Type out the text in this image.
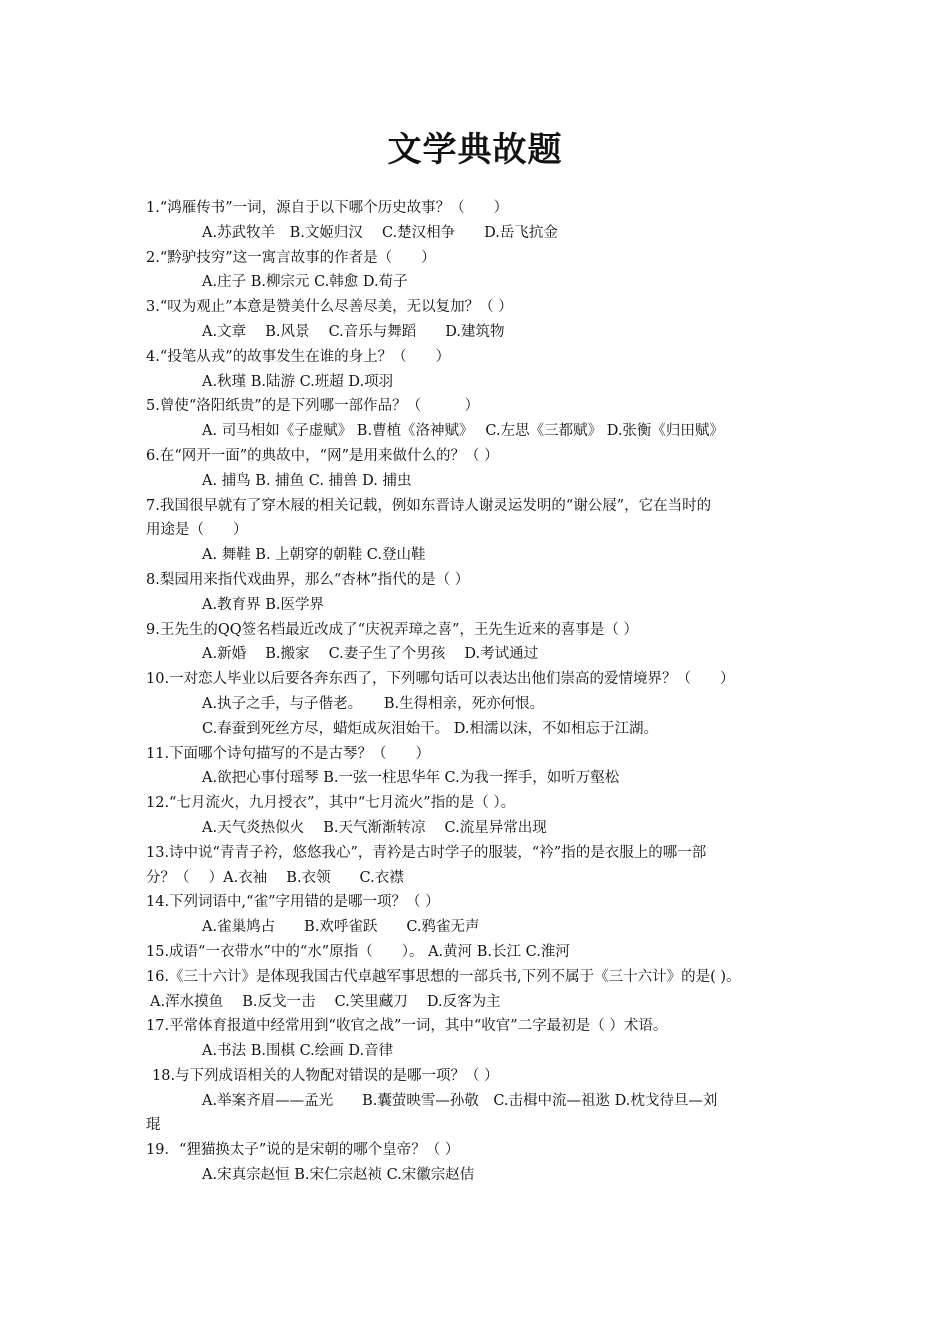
文学典故题
1.“鸿雁传书”一词，源自于以下哪个历史故事？（　　）
A.苏武牧羊　B.文姬归汉　 C.楚汉相争　　D.岳飞抗金
2.“黔驴技穷”这一寓言故事的作者是（　　）
A.庄子 B.柳宗元 C.韩愈 D.荀子
3.“叹为观止”本意是赞美什么尽善尽美，无以复加？（ ）
A.文章　 B.风景　 C.音乐与舞蹈　　D.建筑物
4.“投笔从戎”的故事发生在谁的身上？（　　）
A.秋瑾 B.陆游 C.班超 D.项羽
5.曾使“洛阳纸贵”的是下列哪一部作品？（　　　）
A. 司马相如《子虚赋》 B.曹植《洛神赋》　 C.左思《三都赋》 D.张衡《归田赋》
6.在“网开一面”的典故中，“网”是用来做什么的？（ ）
A. 捕鸟 B. 捕鱼 C. 捕兽 D. 捕虫
7.我国很早就有了穿木屐的相关记载，例如东晋诗人谢灵运发明的“谢公屐”，它在当时的
用途是（　　）
A. 舞鞋 B. 上朝穿的朝鞋 C.登山鞋
8.梨园用来指代戏曲界，那么“杏林”指代的是（ ）
A.教育界 B.医学界
9.王先生的QQ签名档最近改成了“庆祝弄璋之喜”，王先生近来的喜事是（ ）
A.新婚　 B.搬家　 C.妻子生了个男孩　 D.考试通过
10.一对恋人毕业以后要各奔东西了，下列哪句话可以表达出他们崇高的爱情境界？（　　）
A.执子之手，与子偕老。　　B.生得相亲，死亦何恨。
C.春蚕到死丝方尽，蜡炬成灰泪始干。 D.相濡以沫，不如相忘于江湖。
11.下面哪个诗句描写的不是古琴？（　　）
A.欲把心事付瑶琴 B.一弦一柱思华年 C.为我一挥手，如听万壑松
12.“七月流火，九月授衣”，其中“七月流火”指的是（ ）。
A.天气炎热似火　 B.天气渐渐转凉　 C.流星异常出现
13.诗中说“青青子衿，悠悠我心”，青衿是古时学子的服装，“衿”指的是衣服上的哪一部
分？（　 ）A.衣袖　 B.衣领　　C.衣襟
14.下列词语中,“雀”字用错的是哪一项？（ ）
A.雀巢鸠占　　B.欢呼雀跃　　C.鸦雀无声
15.成语“一衣带水”中的“水”原指（　　）。 A.黄河 B.长江 C.淮河
16.《三十六计》是体现我国古代卓越军事思想的一部兵书,下列不属于《三十六计》的是( )。
A.浑水摸鱼　 B.反戈一击　 C.笑里藏刀　 D.反客为主
17.平常体育报道中经常用到“收官之战”一词，其中“收官”二字最初是（ ）术语。
A.书法 B.围棋 C.绘画 D.音律
18.与下列成语相关的人物配对错误的是哪一项？（ ）
A.举案齐眉——孟光　　B.囊萤映雪—孙敬　C.击楫中流—祖逖 D.枕戈待旦—刘
琨
19．“狸猫换太子”说的是宋朝的哪个皇帝？（ ）
A.宋真宗赵恒 B.宋仁宗赵祯 C.宋徽宗赵佶
